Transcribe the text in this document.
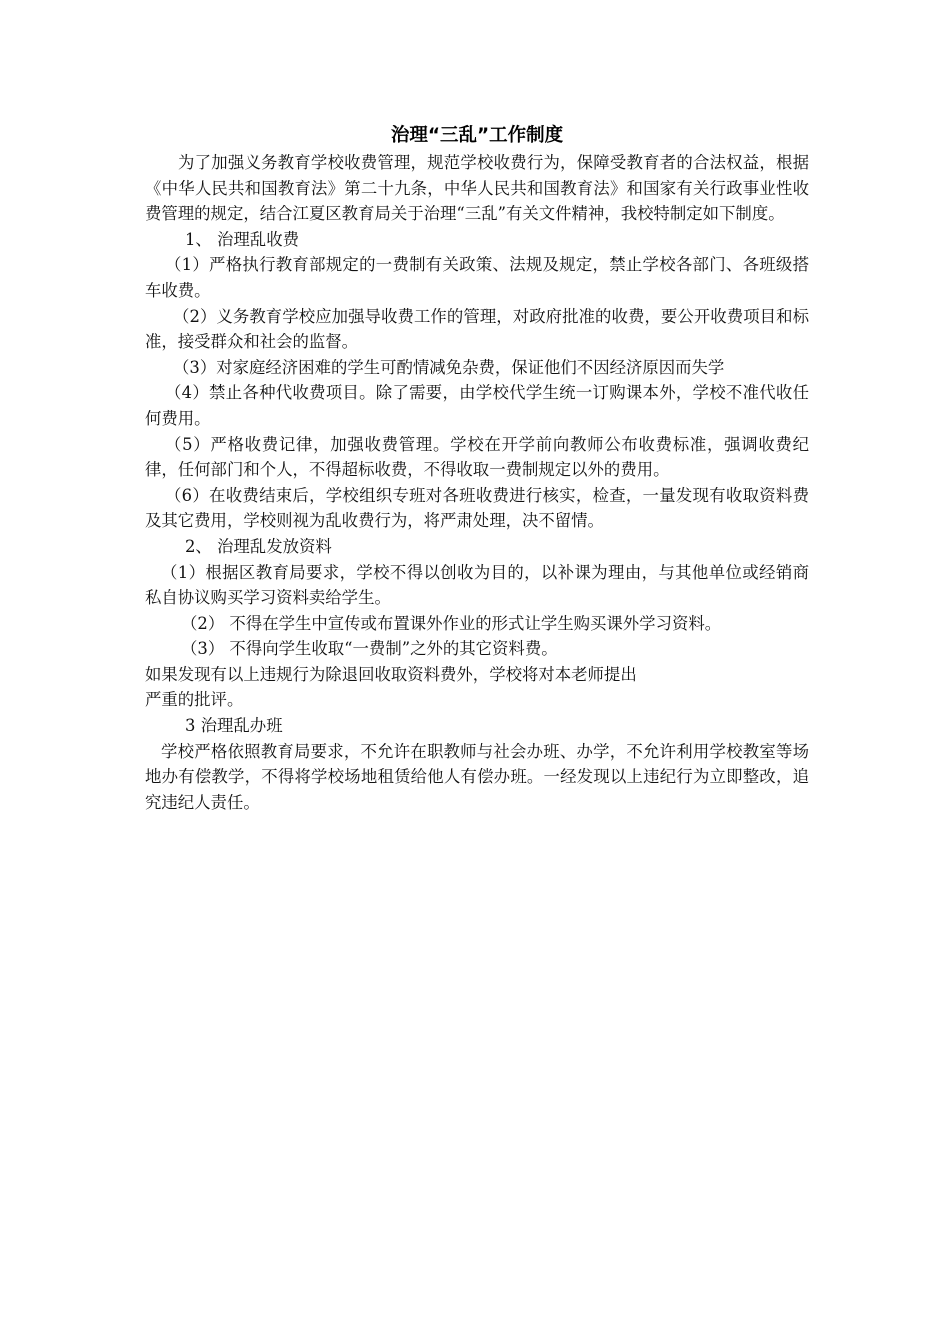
治理“三乱”工作制度

为了加强义务教育学校收费管理，规范学校收费行为，保障受教育者的合法权益，根据《中华人民共和国教育法》第二十九条，中华人民共和国教育法》和国家有关行政事业性收费管理的规定，结合江夏区教育局关于治理“三乱”有关文件精神，我校特制定如下制度。

1、 治理乱收费

（1）严格执行教育部规定的一费制有关政策、法规及规定，禁止学校各部门、各班级搭车收费。

（2）义务教育学校应加强导收费工作的管理，对政府批准的收费，要公开收费项目和标准，接受群众和社会的监督。

（3）对家庭经济困难的学生可酌情减免杂费，保证他们不因经济原因而失学

（4）禁止各种代收费项目。除了需要，由学校代学生统一订购课本外，学校不准代收任何费用。

（5）严格收费记律，加强收费管理。学校在开学前向教师公布收费标准，强调收费纪律，任何部门和个人，不得超标收费，不得收取一费制规定以外的费用。

（6）在收费结束后，学校组织专班对各班收费进行核实，检查，一量发现有收取资料费及其它费用，学校则视为乱收费行为，将严肃处理，决不留情。

2、 治理乱发放资料

（1）根据区教育局要求，学校不得以创收为目的，以补课为理由，与其他单位或经销商私自协议购买学习资料卖给学生。

（2） 不得在学生中宣传或布置课外作业的形式让学生购买课外学习资料。

（3） 不得向学生收取“一费制”之外的其它资料费。

如果发现有以上违规行为除退回收取资料费外，学校将对本老师提出

严重的批评。

3 治理乱办班

学校严格依照教育局要求，不允许在职教师与社会办班、办学，不允许利用学校教室等场地办有偿教学，不得将学校场地租赁给他人有偿办班。一经发现以上违纪行为立即整改，追究违纪人责任。
